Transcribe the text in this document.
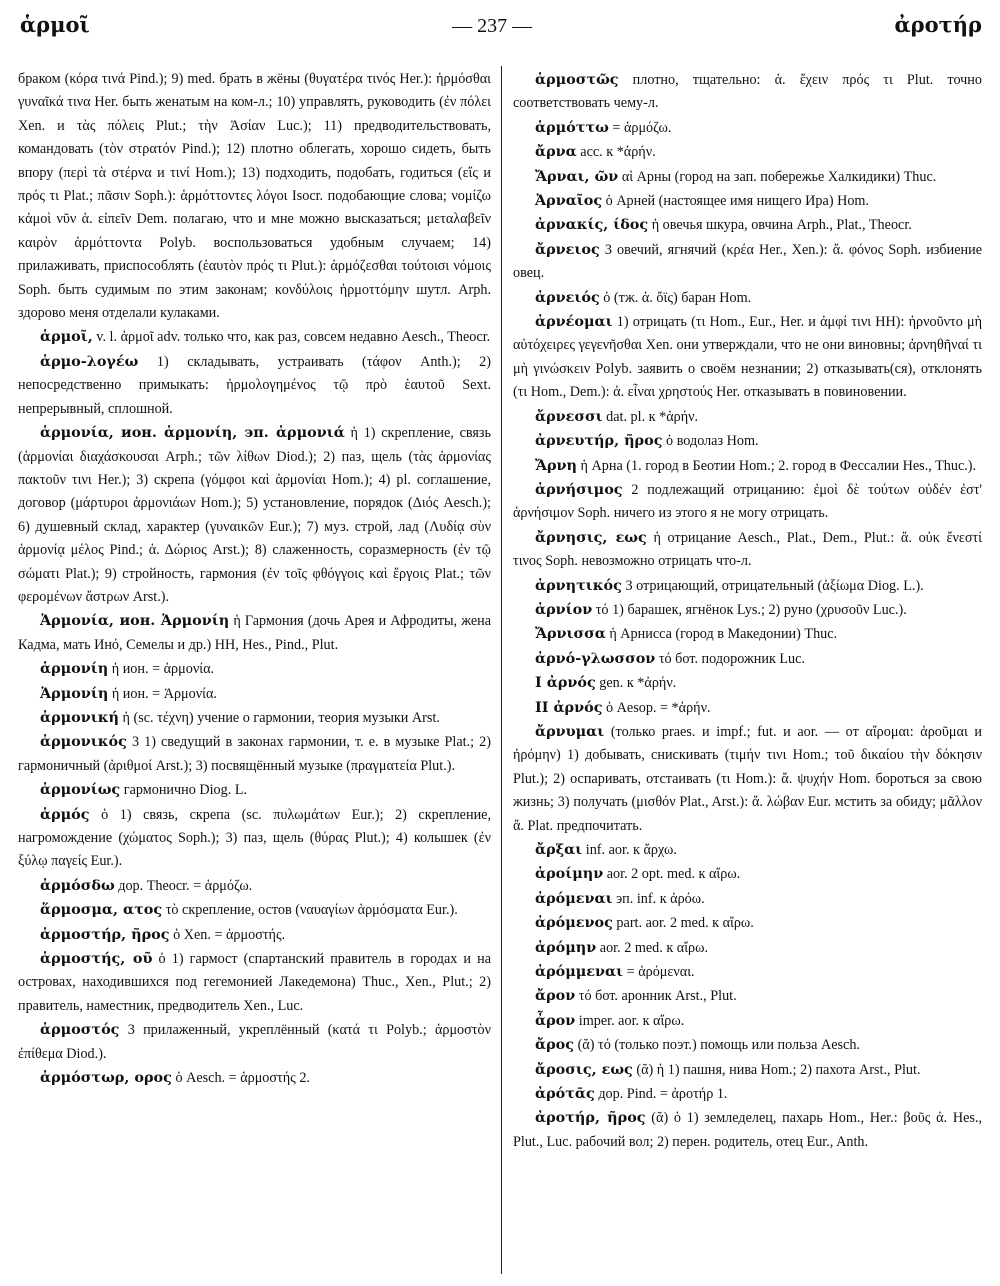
ἁρμοῖ	— 237 —	ἀροτήρ

браком (κόρα τινά Pind.); 9) med. брать в жёны (θυγατέρα τινός Her.): ἡρμόσθαι γυναῖκά τινα Her. быть женатым на ком-л.; 10) управлять, руководить (ἐν πόλει Xen. и τὰς πόλεις Plut.; τὴν Ἀσίαν Luc.); 11) предводительствовать, командовать (τὸν στρατόν Pind.); 12) плотно облегать, хорошо сидеть, быть впору (περὶ τὰ στέρνα и τινί Hom.); 13) подходить, подобать, годиться (εἴς и πρός τι Plat.; πᾶσιν Soph.): ἁρμόττοντες λόγοι Isocr. подобающие слова; νομίζω κἀμοὶ νῦν ἁ. εἰπεῖν Dem. полагаю, что и мне можно высказаться; μεταλαβεῖν καιρὸν ἁρμόττοντα Polyb. воспользоваться удобным случаем; 14) прилаживать, приспособлять (ἑαυτὸν πρός τι Plut.): ἁρμόζεσθαι τούτοισι νόμοις Soph. быть судимым по этим законам; κονδύλοις ἡρμοττόμην шутл. Arph. здорово меня отделали кулаками.

ἁρμοῖ, v. l. ἀρμοῖ adv. только что, как раз, совсем недавно Aesch., Theocr.

ἁρμο-λογέω 1) складывать, устраивать (τάφον Anth.); 2) непосредственно примыкать: ἡρμολογημένος τῷ πρὸ ἑαυτοῦ Sext. непрерывный, сплошной.

ἁρμονία, ион. ἁρμονίη, эп. ἁρμονιά ἡ 1) скрепление, связь (ἁρμονίαι διαχάσκουσαι Arph.; τῶν λίθων Diod.); 2) паз, щель (τὰς ἁρμονίας πακτοῦν τινι Her.); 3) скрепа (γόμφοι καὶ ἁρμονίαι Hom.); 4) pl. соглашение, договор (μάρτυροι ἁρμονιάων Hom.); 5) установление, порядок (Διός Aesch.); 6) душевный склад, характер (γυναικῶν Eur.); 7) муз. строй, лад (Λυδίᾳ σὺν ἁρμονίᾳ μέλος Pind.; ἁ. Δώριος Arst.); 8) слаженность, соразмерность (ἐν τῷ σώματι Plat.); 9) стройность, гармония (ἐν τοῖς φθόγγοις καὶ ἔργοις Plat.; τῶν φερομένων ἄστρων Arst.).

Ἁρμονία, ион. Ἁρμονίη ἡ Гармония (дочь Арея и Афродиты, жена Кадма, мать Инό, Семелы и др.) HH, Hes., Pind., Plut.

ἁρμονίη ἡ ион. = ἁρμονία.

Ἁρμονίη ἡ ион. = Ἁρμονία.

ἁρμονική ἡ (sc. τέχνη) учение о гармонии, теория музыки Arst.

ἁρμονικός 3 1) сведущий в законах гармонии, т. е. в музыке Plat.; 2) гармоничный (ἀριθμοί Arst.); 3) посвящённый музыке (πραγματεία Plut.).

ἁρμονίως гармонично Diog. L.

ἁρμός ὁ 1) связь, скрепа (sc. πυλωμάτων Eur.); 2) скрепление, нагромождение (χώματος Soph.); 3) паз, щель (θύρας Plut.); 4) колышек (ἐν ξύλῳ παγείς Eur.).

ἁρμόσδω дор. Theocr. = ἁρμόζω.

ἅρμοσμα, ατος τὸ скрепление, остов (ναυαγίων ἁρμόσματα Eur.).

ἁρμοστήρ, ῆρος ὁ Xen. = ἁρμοστής.

ἁρμοστής, οῦ ὁ 1) гармост (спартанский правитель в городах и на островах, находившихся под гегемонией Лакедемона) Thuc., Xen., Plut.; 2) правитель, наместник, предводитель Xen., Luc.

ἁρμοστός 3 прилаженный, укреплённый (κατά τι Polyb.; ἁρμοστὸν ἐπίθεμα Diod.).

ἁρμόστωρ, ορος ὁ Aesch. = ἁρμοστής 2.

ἁρμοστῶς плотно, тщательно: ἁ. ἔχειν πρός τι Plut. точно соответствовать чему-л.

ἁρμόττω = ἁρμόζω.

ἄρνα acc. к *ἀρήν.

Ἄρναι, ῶν αἱ Арны (город на зап. побережье Халкидики) Thuc.

Ἀρναῖος ὁ Арней (настоящее имя нищего Ира) Hom.

ἀρνακίς, ίδος ἡ овечья шкура, овчина Arph., Plat., Theocr.

ἄρνειος 3 овечий, ягнячий (κρέα Her., Xen.): ἄ. φόνος Soph. избиение овец.

ἀρνειός ὁ (тж. ἀ. ὄϊς) баран Hom.

ἀρνέομαι 1) отрицать (τι Hom., Eur., Her. и ἀμφί τινι HH): ἠρνοῦντο μὴ αὐτόχειρες γεγενῆσθαι Xen. они утверждали, что не они виновны; ἀρνηθῆναί τι μὴ γινώσκειν Polyb. заявить о своём незнании; 2) отказывать(ся), отклонять (τι Hom., Dem.): ἀ. εἶναι χρηστούς Her. отказывать в повиновении.

ἄρνεσσι dat. pl. к *ἀρήν.

ἀρνευτήρ, ῆρος ὁ водолаз Hom.

Ἄρνη ἡ Арна (1. город в Беотии Hom.; 2. город в Фессалии Hes., Thuc.).

ἀρνήσιμος 2 подлежащий отрицанию: ἐμοὶ δὲ τούτων οὐδέν ἐστ' ἀρνήσιμον Soph. ничего из этого я не могу отрицать.

ἄρνησις, εως ἡ отрицание Aesch., Plat., Dem., Plut.: ἄ. οὐκ ἔνεστί τινος Soph. невозможно отрицать что-л.

ἀρνητικός 3 отрицающий, отрицательный (ἀξίωμα Diog. L.).

ἀρνίον τό 1) барашек, ягнёнок Lys.; 2) руно (χρυσοῦν Luc.).

Ἄρνισσα ἡ Арнисса (город в Македонии) Thuc.

ἀρνό-γλωσσον τό бот. подорожник Luc.

I ἀρνός gen. к *ἀρήν.

II ἀρνός ὁ Aesop. = *ἀρήν.

ἄρνυμαι (только praes. и impf.; fut. и aor. — от αἴρομαι: ἀροῦμαι и ἠρόμην) 1) добывать, снискивать (τιμήν τινι Hom.; τοῦ δικαίου τὴν δόκησιν Plut.); 2) оспаривать, отстаивать (τι Hom.): ἄ. ψυχήν Hom. бороться за свою жизнь; 3) получать (μισθόν Plat., Arst.): ἄ. λώβαν Eur. мстить за обиду; μᾶλλον ἄ. Plat. предпочитать.

ἄρξαι inf. aor. к ἄρχω.

ἀροίμην aor. 2 opt. med. к αἴρω.

ἀρόμεναι эп. inf. к ἀρόω.

ἀρόμενος part. aor. 2 med. к αἴρω.

ἀρόμην aor. 2 med. к αἴρω.

ἀρόμμεναι = ἀρόμεναι.

ἄρον τό бот. аронник Arst., Plut.

ἆρον imper. aor. к αἴρω.

ἄρος (ᾰ) τό (только поэт.) помощь или польза Aesch.

ἄροσις, εως (ᾰ) ἡ 1) пашня, нива Hom.; 2) пахота Arst., Plut.

ἀρότᾱς дор. Pind. = ἀροτήρ 1.

ἀροτήρ, ῆρος (ᾰ) ὁ 1) земледелец, пахарь Hom., Her.: βοῦς ἀ. Hes., Plut., Luc. рабочий вол; 2) перен. родитель, отец Eur., Anth.
